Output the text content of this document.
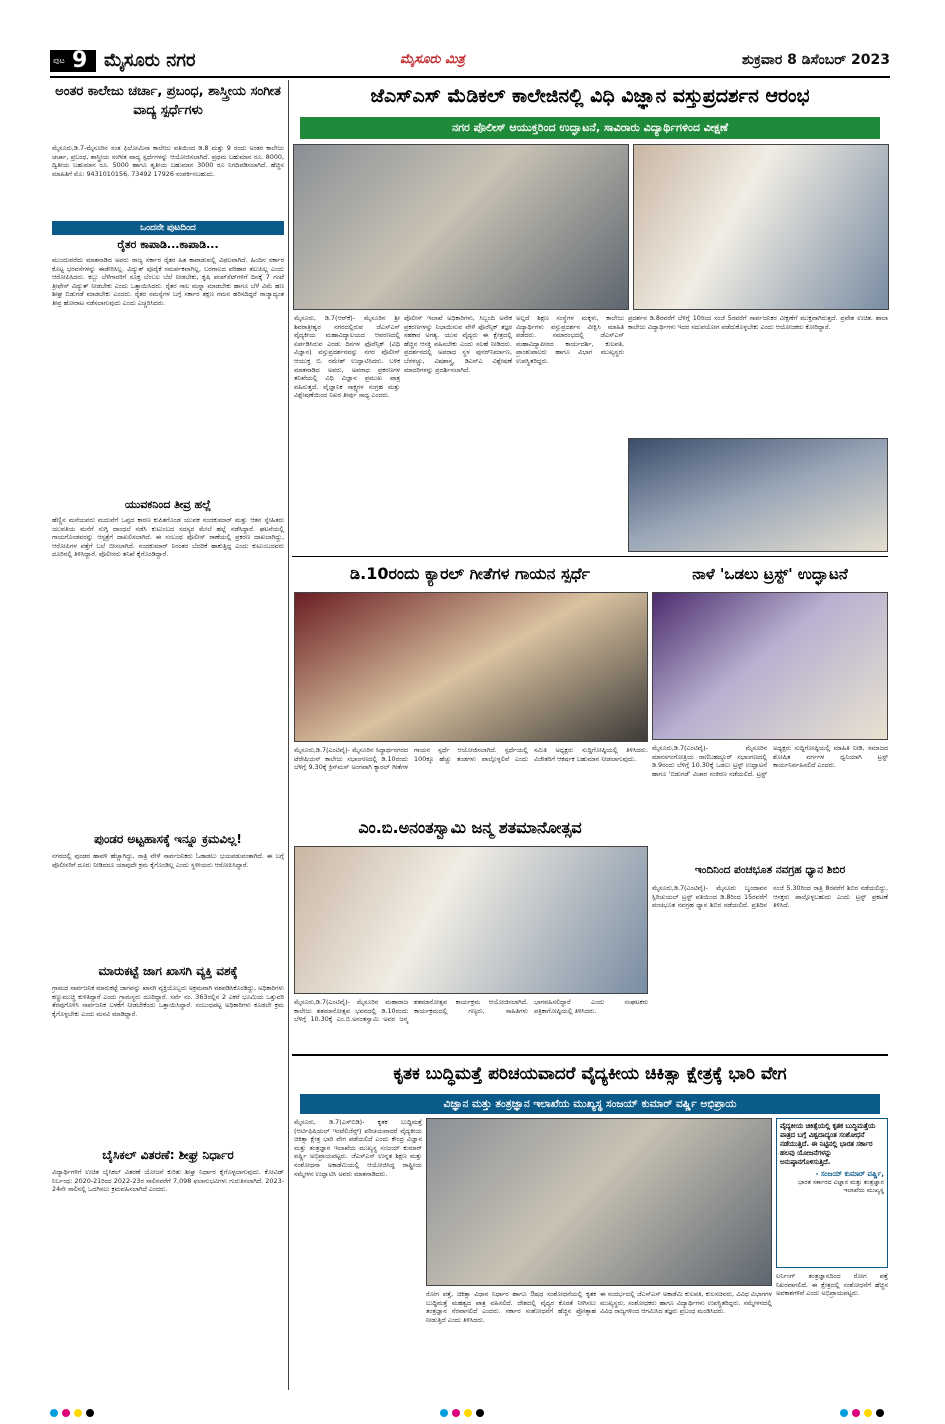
ಪುಟ 9 ಮೈಸೂರು ನಗರ	ಮೈಸೂರು ಮಿತ್ರ	ಶುಕ್ರವಾರ 8 ಡಿಸೆಂಬರ್ 2023
ಅಂತರ ಕಾಲೇಜು ಚರ್ಚಾ, ಪ್ರಬಂಧ, ಶಾಸ್ತ್ರೀಯ ಸಂಗೀತ ವಾದ್ಯ ಸ್ಪರ್ಧೆಗಳು
ಮೈಸೂರು,ಡಿ.7-ಮೈಸೂರಿನ ಸಂತ ಫಿಲೋಮಿನಾ ಕಾಲೇಜು ವತಿಯಿಂದ ಡಿ.8 ಮತ್ತು 9 ರಂದು ಅಂತರ ಕಾಲೇಜು ಚರ್ಚಾ, ಪ್ರಬಂಧ, ಶಾಸ್ತ್ರೀಯ ಸಂಗೀತ ವಾದ್ಯ ಸ್ಪರ್ಧೆಗಳನ್ನು ಆಯೋಜಿಸಲಾಗಿದೆ. ಪ್ರಥಮ ಬಹುಮಾನ ರೂ. 8000, ದ್ವಿತೀಯ ಬಹುಮಾನ ರೂ. 5000 ಹಾಗೂ ತೃತೀಯ ಬಹುಮಾನ 3000 ರೂ ನಿಗದಿಪಡಿಸಲಾಗಿದೆ. ಹೆಚ್ಚಿನ ಮಾಹಿತಿಗೆ ಮೊ: 9431010156, 73492 17926 ಸಂಪರ್ಕಿಸಬಹುದು.
ಒಂದನೇ ಪುಟದಿಂದ
ರೈತರ ಕಾಪಾಡಿ...ಕಾಪಾಡಿ...
ಮುಂದುವರೆದು ಮಾತನಾಡಿದ ಅವರು ರಾಜ್ಯ ಸರ್ಕಾರ ರೈತರ ಹಿತ ಕಾಪಾಡುವಲ್ಲಿ ವಿಫಲವಾಗಿದೆ. ಹಿಂದಿನ ಸರ್ಕಾರ ಕೊಟ್ಟ ಭರವಸೆಗಳನ್ನು ಈಡೇರಿಸಿಲ್ಲ. ವಿದ್ಯುತ್ ಪೂರೈಕೆ ಸಮರ್ಪಕವಾಗಿಲ್ಲ, ಬರಗಾಲದ ಪರಿಹಾರ ತಲುಪಿಲ್ಲ ಎಂದು ಆರೋಪಿಸಿದರು. ಕಬ್ಬು ಬೆಳೆಗಾರರಿಗೆ ಸೂಕ್ತ ಬೆಂಬಲ ಬೆಲೆ ನೀಡಬೇಕು, ಕೃಷಿ ಪಂಪ್‌ಸೆಟ್‌ಗಳಿಗೆ ದಿನಕ್ಕೆ 7 ಗಂಟೆ ತ್ರೀಫೇಸ್ ವಿದ್ಯುತ್ ನೀಡಬೇಕು ಎಂದು ಒತ್ತಾಯಿಸಿದರು. ರೈತರ ಸಾಲ ಮನ್ನಾ ಮಾಡಬೇಕು ಹಾಗೂ ಬೆಳೆ ವಿಮೆ ಹಣ ಶೀಘ್ರ ಬಿಡುಗಡೆ ಮಾಡಬೇಕು ಎಂದರು. ರೈತರ ಸಮಸ್ಯೆಗಳ ಬಗ್ಗೆ ಸರ್ಕಾರ ತಕ್ಷಣ ಗಮನ ಹರಿಸದಿದ್ದರೆ ರಾಜ್ಯಾದ್ಯಂತ ತೀವ್ರ ಹೋರಾಟ ನಡೆಸಲಾಗುವುದು ಎಂದು ಎಚ್ಚರಿಸಿದರು.
ಯುವಕನಿಂದ ತೀವ್ರ ಹಲ್ಲೆ
ಹೆಣ್ಣಿನ ಮನೆಯವರು ಮದುವೆಗೆ ಒಪ್ಪದ ಕಾರಣ ಕುಪಿತಗೊಂಡ ಯುವಕ ನಂದಕುಮಾರ್ ಮತ್ತು ಆತನ ಸ್ನೇಹಿತರು ಯುವತಿಯ ಮನೆಗೆ ನುಗ್ಗಿ ದಾಂಧಲೆ ನಡೆಸಿ ಕುಟುಂಬದ ಸದಸ್ಯರ ಮೇಲೆ ಹಲ್ಲೆ ನಡೆಸಿದ್ದಾರೆ. ಘಟನೆಯಲ್ಲಿ ಗಾಯಗೊಂಡವರನ್ನು ಆಸ್ಪತ್ರೆಗೆ ದಾಖಲಿಸಲಾಗಿದೆ. ಈ ಸಂಬಂಧ ಪೊಲೀಸ್ ಠಾಣೆಯಲ್ಲಿ ಪ್ರಕರಣ ದಾಖಲಾಗಿದ್ದು, ಆರೋಪಿಗಳ ಪತ್ತೆಗೆ ಬಲೆ ಬೀಸಲಾಗಿದೆ. ನಂದಕುಮಾರ್ ನಿರಂತರ ಬೆದರಿಕೆ ಹಾಕುತ್ತಿದ್ದ ಎಂದು ಕುಟುಂಬದವರು ದೂರಿನಲ್ಲಿ ತಿಳಿಸಿದ್ದಾರೆ. ಪೊಲೀಸರು ತನಿಖೆ ಕೈಗೊಂಡಿದ್ದಾರೆ.
ಪುಂಡರ ಅಟ್ಟಹಾಸಕ್ಕೆ ಇನ್ನೂ ಕ್ರಮವಿಲ್ಲ!
ನಗರದಲ್ಲಿ ಪುಂಡರ ಹಾವಳಿ ಹೆಚ್ಚಾಗಿದ್ದು, ರಾತ್ರಿ ವೇಳೆ ಸಾರ್ವಜನಿಕರು ಓಡಾಡಲು ಭಯಪಡುವಂತಾಗಿದೆ. ಈ ಬಗ್ಗೆ ಪೊಲೀಸರಿಗೆ ದೂರು ನೀಡಿದರೂ ಯಾವುದೇ ಕ್ರಮ ಕೈಗೊಂಡಿಲ್ಲ ಎಂದು ಸ್ಥಳೀಯರು ಆರೋಪಿಸಿದ್ದಾರೆ.
ಮಾರುಕಟ್ಟೆ ಜಾಗ ಖಾಸಗಿ ವ್ಯಕ್ತಿ ವಶಕ್ಕೆ
ಗ್ರಾಮದ ಸಾರ್ವಜನಿಕ ಮಾರುಕಟ್ಟೆ ಜಾಗವನ್ನು ಖಾಸಗಿ ವ್ಯಕ್ತಿಯೊಬ್ಬರು ಅಕ್ರಮವಾಗಿ ವಶಪಡಿಸಿಕೊಂಡಿದ್ದು, ಅಧಿಕಾರಿಗಳು ಕಣ್ಣುಮುಚ್ಚಿ ಕುಳಿತಿದ್ದಾರೆ ಎಂದು ಗ್ರಾಮಸ್ಥರು ದೂರಿದ್ದಾರೆ. ಸರ್ವೆ ನಂ. 363ರಲ್ಲಿನ 2 ಎಕರೆ ಭೂಮಿಯ ಒತ್ತುವರಿ ತೆರವುಗೊಳಿಸಿ ಸಾರ್ವಜನಿಕ ಬಳಕೆಗೆ ನೀಡಬೇಕೆಂದು ಒತ್ತಾಯಿಸಿದ್ದಾರೆ. ಸಂಬಂಧಪಟ್ಟ ಅಧಿಕಾರಿಗಳು ಕೂಡಲೇ ಕ್ರಮ ಕೈಗೊಳ್ಳಬೇಕು ಎಂದು ಮನವಿ ಮಾಡಿದ್ದಾರೆ.
ಬೈಸಿಕಲ್ ವಿತರಣೆ: ಶೀಘ್ರ ನಿರ್ಧಾರ
ವಿದ್ಯಾರ್ಥಿಗಳಿಗೆ ಉಚಿತ ಬೈಸಿಕಲ್ ವಿತರಣೆ ಯೋಜನೆ ಕುರಿತು ಶೀಘ್ರ ನಿರ್ಧಾರ ಕೈಗೊಳ್ಳಲಾಗುವುದು. ಕೋವಿಡ್ ನಿರ್ಬಂಧ: 2020-21ರಿಂದ 2022-23ರ ಸಾಲಿನವರೆಗೆ 7,098 ಫಲಾನುಭವಿಗಳು ಗುರುತಿಸಲಾಗಿದೆ. 2023-24ನೇ ಸಾಲಿನಲ್ಲಿ ಒದಗಿಸಲು ಕ್ರಮವಹಿಸಲಾಗಿದೆ ಎಂದರು.
ಜೆಎಸ್‌ಎಸ್ ಮೆಡಿಕಲ್ ಕಾಲೇಜಿನಲ್ಲಿ ವಿಧಿ ವಿಜ್ಞಾನ ವಸ್ತುಪ್ರದರ್ಶನ ಆರಂಭ
ನಗರ ಪೊಲೀಸ್ ಆಯುಕ್ತರಿಂದ ಉದ್ಘಾಟನೆ, ಸಾವಿರಾರು ವಿದ್ಯಾರ್ಥಿಗಳಿಂದ ವೀಕ್ಷಣೆ
ಮೈಸೂರು, ಡಿ.7(ಆರ್‌ಕೆ)- ಮೈಸೂರಿನ ಶ್ರೀ ಶಿವರಾತ್ರೀಶ್ವರ ನಗರದಲ್ಲಿರುವ ಜೆಎಸ್‌ಎಸ್ ವೈದ್ಯಕೀಯ ಮಹಾವಿದ್ಯಾಲಯದ ಆವರಣದಲ್ಲಿ ಏರ್ಪಡಿಸಿರುವ ಎರಡು ದಿನಗಳ ಫೊರೆನ್ಸಿಕ್ (ವಿಧಿ ವಿಜ್ಞಾನ) ವಸ್ತುಪ್ರದರ್ಶನವನ್ನು ನಗರ ಪೊಲೀಸ್ ಆಯುಕ್ತ ಬಿ. ರಮೇಶ್ ಉದ್ಘಾಟಿಸಿದರು. ಬಳಿಕ ಮಾತನಾಡಿದ ಅವರು, ಅಪರಾಧ ಪ್ರಕರಣಗಳ ತನಿಖೆಯಲ್ಲಿ ವಿಧಿ ವಿಜ್ಞಾನ ಪ್ರಮುಖ ಪಾತ್ರ ವಹಿಸುತ್ತದೆ. ವೈಜ್ಞಾನಿಕ ಸಾಕ್ಷ್ಯಗಳ ಸಂಗ್ರಹ ಮತ್ತು ವಿಶ್ಲೇಷಣೆಯಿಂದ ನಿಖರ ತೀರ್ಪು ಸಾಧ್ಯ ಎಂದರು.
ಪೊಲೀಸ್ ಇಲಾಖೆ ಅಧಿಕಾರಿಗಳು, ಸಿಬ್ಬಂದಿ ಅನೇಕ ಪ್ರಕರಣಗಳನ್ನು ನಿಭಾಯಿಸುವ ವೇಳೆ ಫೊರೆನ್ಸಿಕ್ ತಜ್ಞರ ಸಹಕಾರ ಅಗತ್ಯ. ಯುವ ವೈದ್ಯರು ಈ ಕ್ಷೇತ್ರದಲ್ಲಿ ಹೆಚ್ಚಿನ ಆಸಕ್ತಿ ವಹಿಸಬೇಕು ಎಂದು ಸಲಹೆ ನೀಡಿದರು. ಪ್ರದರ್ಶನದಲ್ಲಿ ಅಪರಾಧ ಸ್ಥಳ ಪುನರ್‌ನಿರ್ಮಾಣ, ಬೆರಳಚ್ಚು, ವಿಷಶಾಸ್ತ್ರ, ಡಿಎನ್‌ಎ ವಿಶ್ಲೇಷಣೆ ಮಾದರಿಗಳನ್ನು ಪ್ರದರ್ಶಿಸಲಾಗಿದೆ.
ಅಲ್ಲದೆ ಶಿಕ್ಷಣ ಸಂಸ್ಥೆಗಳ ಮಕ್ಕಳು, ಕಾಲೇಜು ವಿದ್ಯಾರ್ಥಿಗಳು ವಸ್ತುಪ್ರದರ್ಶನ ವೀಕ್ಷಿಸಿ ಮಾಹಿತಿ ಪಡೆದರು. ಸಮಾರಂಭದಲ್ಲಿ ಜೆಎಸ್‌ಎಸ್ ಮಹಾವಿದ್ಯಾಪೀಠದ ಕಾರ್ಯದರ್ಶಿ, ಕುಲಪತಿ, ಪ್ರಾಂಶುಪಾಲರು ಹಾಗೂ ವಿಭಾಗ ಮುಖ್ಯಸ್ಥರು ಉಪಸ್ಥಿತರಿದ್ದರು.
ಪ್ರದರ್ಶನ ಡಿ.8ರವರೆಗೆ ಬೆಳಿಗ್ಗೆ 10ರಿಂದ ಸಂಜೆ 5ರವರೆಗೆ ಸಾರ್ವಜನಿಕರ ವೀಕ್ಷಣೆಗೆ ಮುಕ್ತವಾಗಿರುತ್ತದೆ. ಪ್ರವೇಶ ಉಚಿತ. ಶಾಲಾ ಕಾಲೇಜು ವಿದ್ಯಾರ್ಥಿಗಳು ಇದರ ಸದುಪಯೋಗ ಪಡೆದುಕೊಳ್ಳಬೇಕು ಎಂದು ಆಯೋಜಕರು ಕೋರಿದ್ದಾರೆ.
ಡಿ.10ರಂದು ಕ್ಯಾರಲ್ ಗೀತೆಗಳ ಗಾಯನ ಸ್ಪರ್ಧೆ
ಮೈಸೂರು,ಡಿ.7(ಎಂಟಿವೈ)- ಮೈಸೂರಿನ ಸಿದ್ಧಾರ್ಥನಗರದ ಟೆರೇಷಿಯನ್ ಕಾಲೇಜು ಸಭಾಂಗಣದಲ್ಲಿ ಡಿ.10ರಂದು ಬೆಳಿಗ್ಗೆ 9.30ಕ್ಕೆ ಕ್ರಿಸ್‌ಮಸ್ ಅಂಗವಾಗಿ ಕ್ಯಾರಲ್ ಗೀತೆಗಳ ಗಾಯನ ಸ್ಪರ್ಧೆ ಆಯೋಜಿಸಲಾಗಿದೆ. ಸ್ಪರ್ಧೆಯಲ್ಲಿ 100ಕ್ಕೂ ಹೆಚ್ಚು ತಂಡಗಳು ಪಾಲ್ಗೊಳ್ಳಲಿವೆ ಎಂದು ಸಮಿತಿ ಅಧ್ಯಕ್ಷರು ಸುದ್ದಿಗೋಷ್ಠಿಯಲ್ಲಿ ತಿಳಿಸಿದರು. ವಿಜೇತರಿಗೆ ಆಕರ್ಷಕ ಬಹುಮಾನ ನೀಡಲಾಗುವುದು.
ನಾಳೆ 'ಒಡಲು ಟ್ರಸ್ಟ್' ಉದ್ಘಾಟನೆ
ಮೈಸೂರು,ಡಿ.7(ಎಂಟಿವೈ)- ಮೈಸೂರಿನ ಮಾನಸಗಂಗೋತ್ರಿಯ ರಾಣಿಬಹದ್ದೂರ್ ಸಭಾಂಗಣದಲ್ಲಿ ಡಿ.9ರಂದು ಬೆಳಿಗ್ಗೆ 10.30ಕ್ಕೆ ಒಡಲು ಟ್ರಸ್ಟ್ ಉದ್ಘಾಟನೆ ಹಾಗೂ 'ಬಿಡುಗಡೆ' ವಿಚಾರ ಸಂಕಿರಣ ನಡೆಯಲಿದೆ. ಟ್ರಸ್ಟ್ ಅಧ್ಯಕ್ಷರು ಸುದ್ದಿಗೋಷ್ಠಿಯಲ್ಲಿ ಮಾಹಿತಿ ನೀಡಿ, ಸಮಾಜದ ಶೋಷಿತ ವರ್ಗಗಳ ಧ್ವನಿಯಾಗಿ ಟ್ರಸ್ಟ್ ಕಾರ್ಯನಿರ್ವಹಿಸಲಿದೆ ಎಂದರು.
ಎಂ.ಬಿ.ಅನಂತಸ್ವಾಮಿ ಜನ್ಮ ಶತಮಾನೋತ್ಸವ
ಮೈಸೂರು,ಡಿ.7(ಎಂಟಿವೈ)- ಮೈಸೂರಿನ ಮಹಾರಾಜ ಕಾಲೇಜು ಶತಮಾನೋತ್ಸವ ಭವನದಲ್ಲಿ ಡಿ.10ರಂದು ಬೆಳಿಗ್ಗೆ 10.30ಕ್ಕೆ ಎಂ.ಬಿ.ಅನಂತಸ್ವಾಮಿ ಅವರ ಜನ್ಮ ಶತಮಾನೋತ್ಸವ ಕಾರ್ಯಕ್ರಮ ಆಯೋಜಿಸಲಾಗಿದೆ. ಕಾರ್ಯಕ್ರಮದಲ್ಲಿ ಗಣ್ಯರು, ಸಾಹಿತಿಗಳು ಭಾಗವಹಿಸಲಿದ್ದಾರೆ ಎಂದು ಸಂಘಟಕರು ಪತ್ರಿಕಾಗೋಷ್ಠಿಯಲ್ಲಿ ತಿಳಿಸಿದರು.
ಇಂದಿನಿಂದ ಪಂಚಭೂತ ನವಗ್ರಹ ಧ್ಯಾನ ಶಿಬಿರ
ಮೈಸೂರು,ಡಿ.7(ಎಂಟಿವೈ)- ಮೈಸೂರು ಬೃಂದಾವನ ಸ್ಪಿರಿಚುಯಲ್ ಟ್ರಸ್ಟ್ ವತಿಯಿಂದ ಡಿ.8ರಿಂದ 15ರವರೆಗೆ ಪಂಚಭೂತ ನವಗ್ರಹ ಧ್ಯಾನ ಶಿಬಿರ ನಡೆಯಲಿದೆ. ಪ್ರತಿದಿನ ಸಂಜೆ 5.30ರಿಂದ ರಾತ್ರಿ 8ರವರೆಗೆ ಶಿಬಿರ ನಡೆಯಲಿದ್ದು, ಆಸಕ್ತರು ಪಾಲ್ಗೊಳ್ಳಬಹುದು ಎಂದು ಟ್ರಸ್ಟ್ ಪ್ರಕಟಣೆ ತಿಳಿಸಿದೆ.
ಕೃತಕ ಬುದ್ಧಿಮತ್ತೆ ಪರಿಚಯವಾದರೆ ವೈದ್ಯಕೀಯ ಚಿಕಿತ್ಸಾ ಕ್ಷೇತ್ರಕ್ಕೆ ಭಾರಿ ವೇಗ
ವಿಜ್ಞಾನ ಮತ್ತು ತಂತ್ರಜ್ಞಾನ ಇಲಾಖೆಯ ಮುಖ್ಯಸ್ಥ ಸಂಜಯ್ ಕುಮಾರ್ ವರ್ಷ್ಣಿ ಅಭಿಪ್ರಾಯ
ಮೈಸೂರು, ಡಿ.7(ಎಸ್‌ಬಿಡಿ)- ಕೃತಕ ಬುದ್ಧಿಮತ್ತೆ (ಆರ್ಟಿಫಿಷಿಯಲ್ ಇಂಟೆಲಿಜೆನ್ಸ್) ಪರಿಚಯವಾದರೆ ವೈದ್ಯಕೀಯ ಚಿಕಿತ್ಸಾ ಕ್ಷೇತ್ರ ಭಾರಿ ವೇಗ ಪಡೆಯಲಿದೆ ಎಂದು ಕೇಂದ್ರ ವಿಜ್ಞಾನ ಮತ್ತು ತಂತ್ರಜ್ಞಾನ ಇಲಾಖೆಯ ಮುಖ್ಯಸ್ಥ ಸಂಜಯ್ ಕುಮಾರ್ ವರ್ಷ್ಣಿ ಅಭಿಪ್ರಾಯಪಟ್ಟರು. ಜೆಎಸ್‌ಎಸ್ ಉನ್ನತ ಶಿಕ್ಷಣ ಮತ್ತು ಸಂಶೋಧನಾ ಅಕಾಡೆಮಿಯಲ್ಲಿ ಆಯೋಜಿಸಿದ್ದ ರಾಷ್ಟ್ರೀಯ ಸಮ್ಮೇಳನ ಉದ್ಘಾಟಿಸಿ ಅವರು ಮಾತನಾಡಿದರು.
ವೈದ್ಯಕೀಯ ಚಿಕಿತ್ಸೆಯಲ್ಲಿ ಕೃತಕ ಬುದ್ಧಿಮತ್ತೆಯ ಪಾತ್ರದ ಬಗ್ಗೆ ವಿಶ್ವದಾದ್ಯಂತ ಸಂಶೋಧನೆ ನಡೆಯುತ್ತಿದೆ. ಈ ನಿಟ್ಟಿನಲ್ಲಿ ಭಾರತ ಸರ್ಕಾರ ಹಲವು ಯೋಜನೆಗಳನ್ನು ಅನುಷ್ಠಾನಗೊಳಿಸುತ್ತಿದೆ.
- ಸಂಜಯ್ ಕುಮಾರ್ ವರ್ಷ್ಣಿ,
ಭಾರತ ಸರ್ಕಾರದ ವಿಜ್ಞಾನ ಮತ್ತು ತಂತ್ರಜ್ಞಾನ ಇಲಾಖೆಯ ಮುಖ್ಯಸ್ಥ
ರೋಗ ಪತ್ತೆ, ಚಿಕಿತ್ಸಾ ವಿಧಾನ ನಿರ್ಧಾರ ಹಾಗೂ ಔಷಧ ಸಂಶೋಧನೆಯಲ್ಲಿ ಕೃತಕ ಬುದ್ಧಿಮತ್ತೆ ಮಹತ್ವದ ಪಾತ್ರ ವಹಿಸಲಿದೆ. ದೇಶದಲ್ಲಿ ವೈದ್ಯರ ಕೊರತೆ ನೀಗಿಸಲು ತಂತ್ರಜ್ಞಾನ ನೆರವಾಗಲಿದೆ ಎಂದರು. ಸರ್ಕಾರ ಸಂಶೋಧನೆಗೆ ಹೆಚ್ಚಿನ ಪ್ರೋತ್ಸಾಹ ನೀಡುತ್ತಿದೆ ಎಂದು ತಿಳಿಸಿದರು.
ಈ ಸಂದರ್ಭದಲ್ಲಿ ಜೆಎಸ್‌ಎಸ್ ಅಕಾಡೆಮಿ ಕುಲಪತಿ, ಕುಲಸಚಿವರು, ವಿವಿಧ ವಿಭಾಗಗಳ ಮುಖ್ಯಸ್ಥರು, ಸಂಶೋಧಕರು ಹಾಗೂ ವಿದ್ಯಾರ್ಥಿಗಳು ಉಪಸ್ಥಿತರಿದ್ದರು. ಸಮ್ಮೇಳನದಲ್ಲಿ ವಿವಿಧ ರಾಜ್ಯಗಳಿಂದ ಆಗಮಿಸಿದ ತಜ್ಞರು ಪ್ರಬಂಧ ಮಂಡಿಸಿದರು.
ಲರ್ನಿಂಗ್ ತಂತ್ರಜ್ಞಾನದಿಂದ ರೋಗ ಪತ್ತೆ ನಿಖರವಾಗಲಿದೆ. ಈ ಕ್ಷೇತ್ರದಲ್ಲಿ ಸಂಶೋಧನೆಗೆ ಹೆಚ್ಚಿನ ಅವಕಾಶಗಳಿವೆ ಎಂದು ಅಭಿಪ್ರಾಯಪಟ್ಟರು.
